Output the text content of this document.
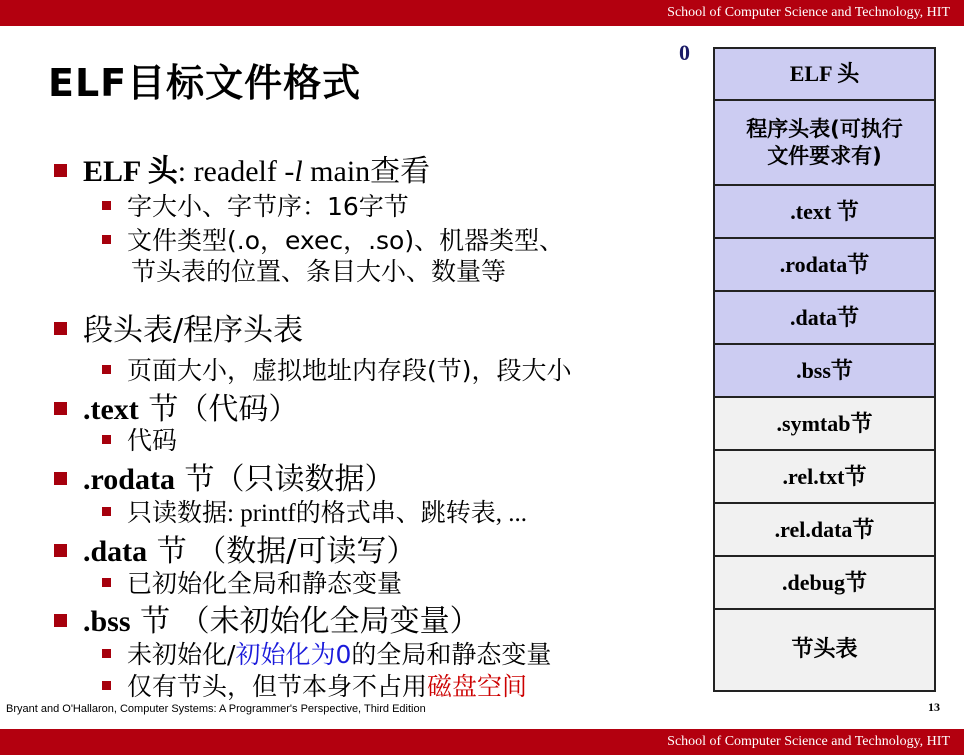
School of Computer Science and Technology, HIT
ELF目标文件格式
0
ELF 头: readelf -l main查看
字大小、字节序：16字节
文件类型(.o，exec，.so)、机器类型、
节头表的位置、条目大小、数量等
段头表/程序头表
页面大小，虚拟地址内存段(节)，段大小
.text 节（代码）
代码
.rodata 节（只读数据）
只读数据: printf的格式串、跳转表, ...
.data 节 （数据/可读写）
已初始化全局和静态变量
.bss 节 （未初始化全局变量）
未初始化/初始化为0的全局和静态变量
仅有节头，但节本身不占用磁盘空间
ELF 头
程序头表(可执行
文件要求有)
.text 节
.rodata节
.data节
.bss节
.symtab节
.rel.txt节
.rel.data节
.debug节
节头表
Bryant and O'Hallaron, Computer Systems: A Programmer's Perspective, Third Edition	13
School of Computer Science and Technology, HIT
